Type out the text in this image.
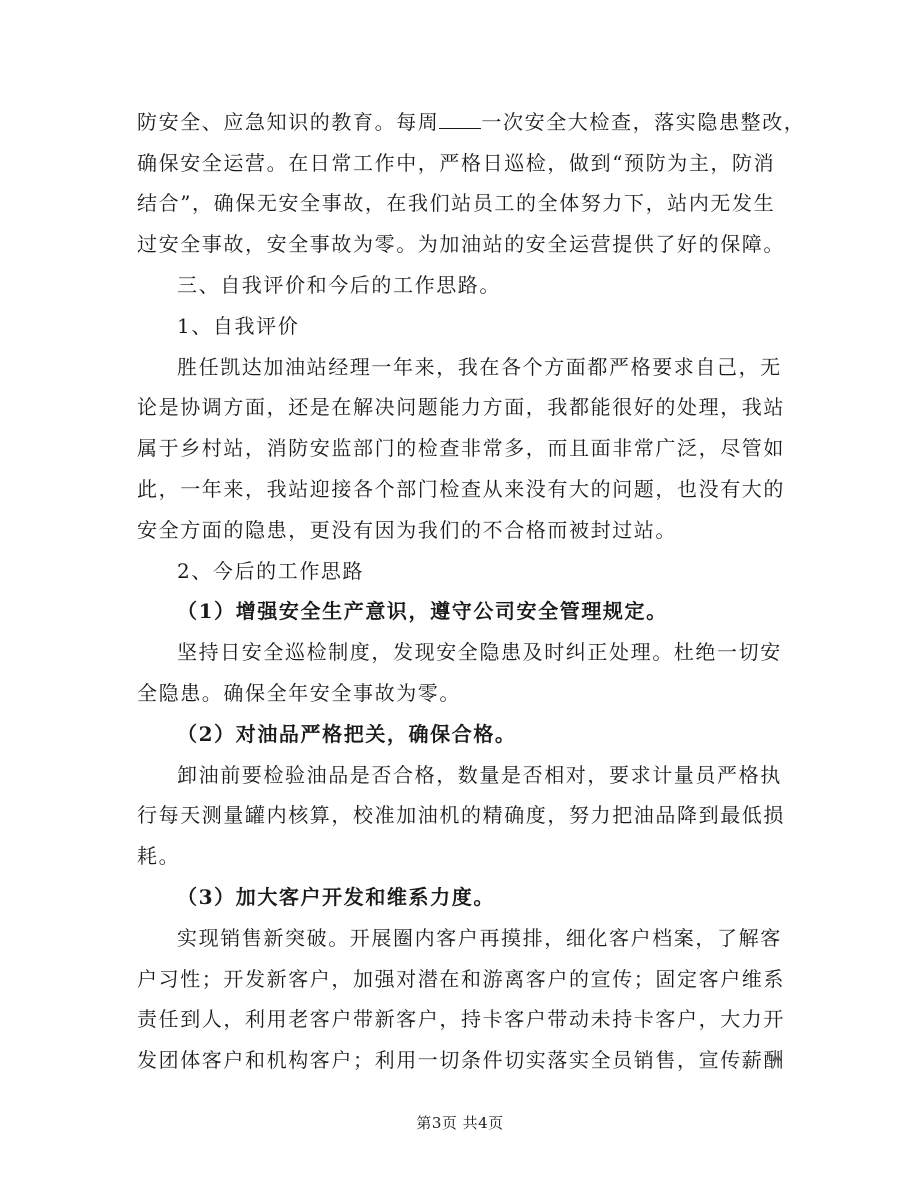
防安全、应急知识的教育。每周 一次安全大检查，落实隐患整改，
确保安全运营。在日常工作中，严格日巡检，做到“预防为主，防消
结合”，确保无安全事故，在我们站员工的全体努力下，站内无发生
过安全事故，安全事故为零。为加油站的安全运营提供了好的保障。
三、自我评价和今后的工作思路。
1、自我评价
胜任凯达加油站经理一年来，我在各个方面都严格要求自己，无
论是协调方面，还是在解决问题能力方面，我都能很好的处理，我站
属于乡村站，消防安监部门的检查非常多，而且面非常广泛，尽管如
此，一年来，我站迎接各个部门检查从来没有大的问题，也没有大的
安全方面的隐患，更没有因为我们的不合格而被封过站。
2、今后的工作思路
（1）增强安全生产意识，遵守公司安全管理规定。
坚持日安全巡检制度，发现安全隐患及时纠正处理。杜绝一切安
全隐患。确保全年安全事故为零。
（2）对油品严格把关，确保合格。
卸油前要检验油品是否合格，数量是否相对，要求计量员严格执
行每天测量罐内核算，校准加油机的精确度，努力把油品降到最低损
耗。
（3）加大客户开发和维系力度。
实现销售新突破。开展圈内客户再摸排，细化客户档案，了解客
户习性；开发新客户，加强对潜在和游离客户的宣传；固定客户维系
责任到人，利用老客户带新客户，持卡客户带动未持卡客户，大力开
发团体客户和机构客户；利用一切条件切实落实全员销售，宣传薪酬
第3页 共4页
